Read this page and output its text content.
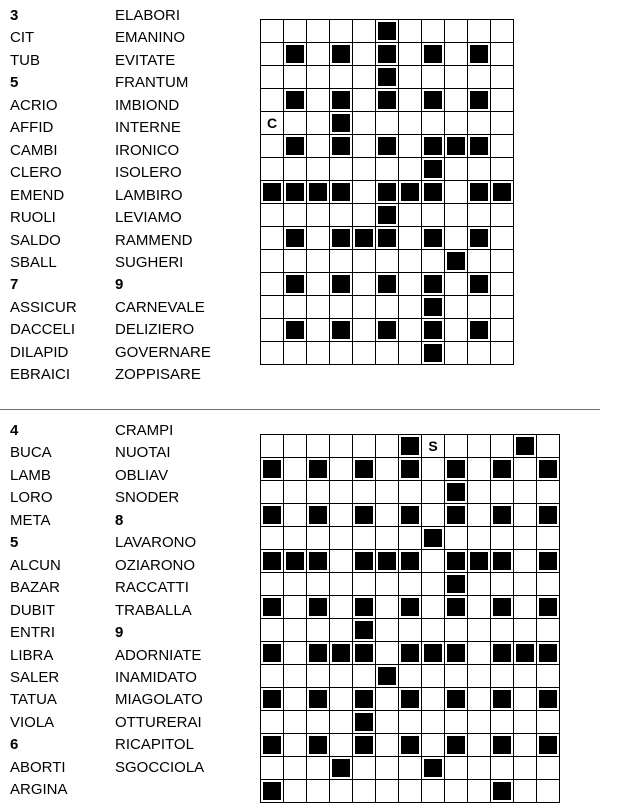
3
CIT
TUB
5
ACRIO
AFFID
CAMBI
CLERO
EMEND
RUOLI
SALDO
SBALL
7
ASSICUR
DACCELI
DILAPID
EBRAICI
ELABORI
EMANINO
EVITATE
FRANTUM
IMBIOND
INTERNE
IRONICO
ISOLERO
LAMBIRO
LEVIAMO
RAMMEND
SUGHERI
9
CARNEVALE
DELIZIERO
GOVERNARE
ZOPPISARE

C										

4
BUCA
LAMB
LORO
META
5
ALCUN
BAZAR
DUBIT
ENTRI
LIBRA
SALER
TATUA
VIOLA
6
ABORTI
ARGINA
CRAMPI
NUOTAI
OBLIAV
SNODER
8
LAVARONO
OZIARONO
RACCATTI
TRABALLA
9
ADORNIATE
INAMIDATO
MIAGOLATO
OTTURERAI
RICAPITOL
SGOCCIOLA
							S					
